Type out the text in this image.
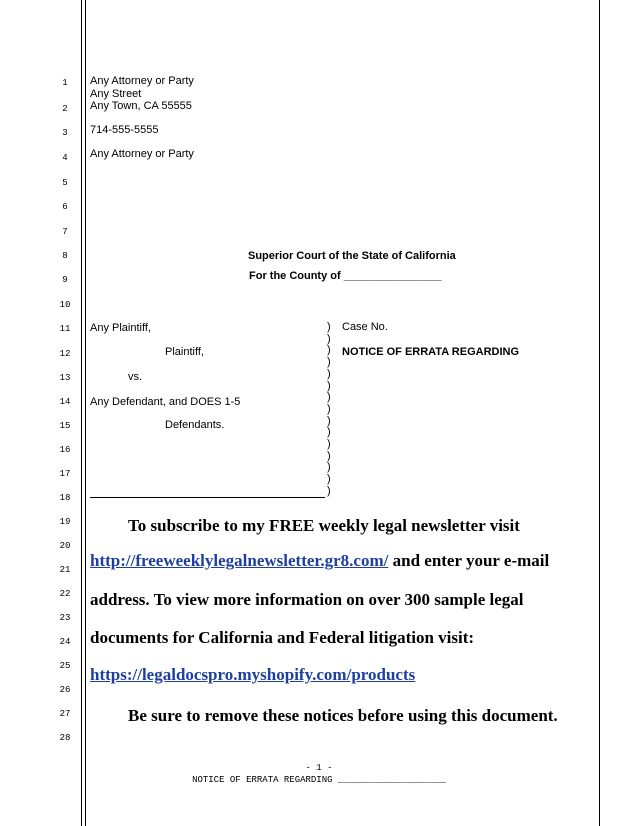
1
2
3
4
5
6
7
8
9
10
11
12
13
14
15
16
17
18
19
20
21
22
23
24
25
26
27
28
Any Attorney or Party
Any Street
Any Town, CA 55555
714-555-5555
Any Attorney or Party
Superior Court of the State of California
For the County of ________________
Any Plaintiff,
Plaintiff,
vs.
Any Defendant, and DOES 1-5
Defendants.
)
)
)
)
)
)
)
)
)
)
)
)
)
)
)
Case No.
NOTICE OF ERRATA REGARDING
To subscribe to my FREE weekly legal newsletter visit
http://freeweeklylegalnewsletter.gr8.com/ and enter your e-mail
address. To view more information on over 300 sample legal
documents for California and Federal litigation visit:
https://legaldocspro.myshopify.com/products
Be sure to remove these notices before using this document.
- 1 -
NOTICE OF ERRATA REGARDING ____________________
